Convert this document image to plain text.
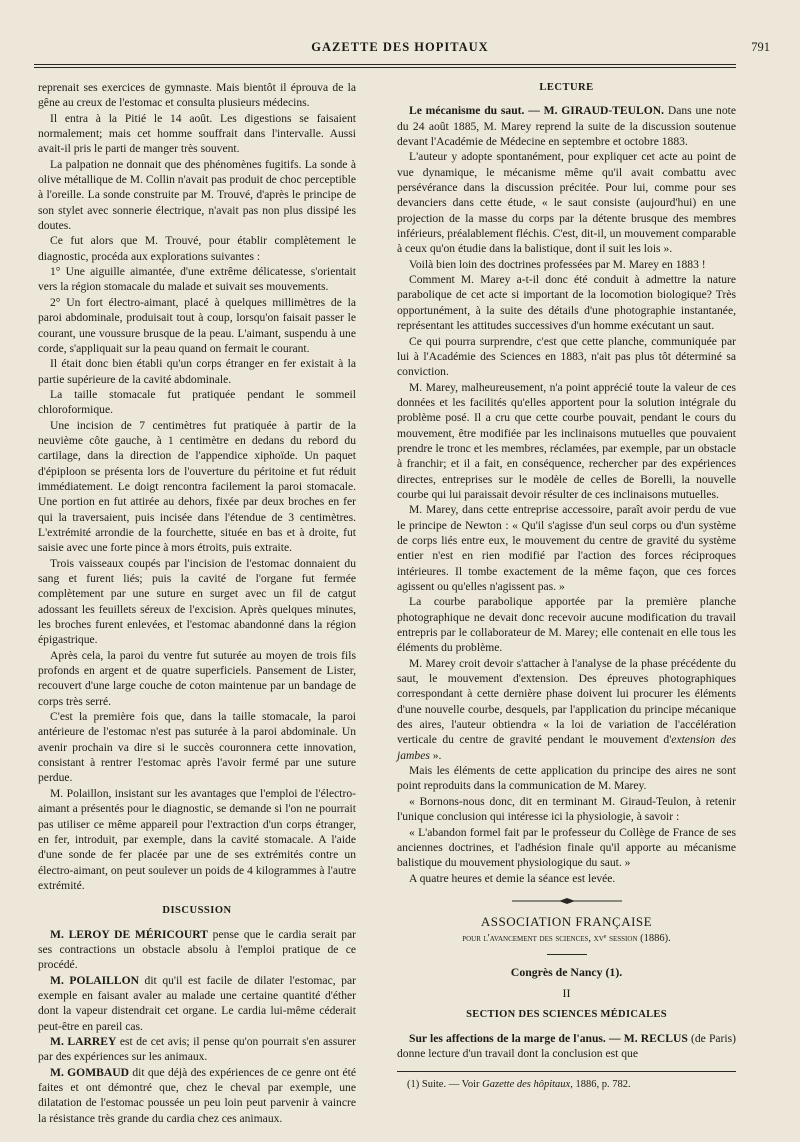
GAZETTE DES HOPITAUX	791

reprenait ses exercices de gymnaste. Mais bientôt il éprouva de la gêne au creux de l'estomac et consulta plusieurs médecins.

Il entra à la Pitié le 14 août. Les digestions se faisaient normalement; mais cet homme souffrait dans l'intervalle. Aussi avait-il pris le parti de manger très souvent.

La palpation ne donnait que des phénomènes fugitifs. La sonde à olive métallique de M. Collin n'avait pas produit de choc perceptible à l'oreille. La sonde construite par M. Trouvé, d'après le principe de son stylet avec sonnerie électrique, n'avait pas non plus dissipé les doutes.

Ce fut alors que M. Trouvé, pour établir complètement le diagnostic, procéda aux explorations suivantes :

1° Une aiguille aimantée, d'une extrême délicatesse, s'orientait vers la région stomacale du malade et suivait ses mouvements.

2° Un fort électro-aimant, placé à quelques millimètres de la paroi abdominale, produisait tout à coup, lorsqu'on faisait passer le courant, une voussure brusque de la peau. L'aimant, suspendu à une corde, s'appliquait sur la peau quand on fermait le courant.

Il était donc bien établi qu'un corps étranger en fer existait à la partie supérieure de la cavité abdominale.

La taille stomacale fut pratiquée pendant le sommeil chloroformique.

Une incision de 7 centimètres fut pratiquée à partir de la neuvième côte gauche, à 1 centimètre en dedans du rebord du cartilage, dans la direction de l'appendice xiphoïde. Un paquet d'épiploon se présenta lors de l'ouverture du péritoine et fut réduit immédiatement. Le doigt rencontra facilement la paroi stomacale. Une portion en fut attirée au dehors, fixée par deux broches en fer qui la traversaient, puis incisée dans l'étendue de 3 centimètres. L'extrémité arrondie de la fourchette, située en bas et à droite, fut saisie avec une forte pince à mors étroits, puis extraite.

Trois vaisseaux coupés par l'incision de l'estomac donnaient du sang et furent liés; puis la cavité de l'organe fut fermée complètement par une suture en surget avec un fil de catgut adossant les feuillets séreux de l'excision. Après quelques minutes, les broches furent enlevées, et l'estomac abandonné dans la région épigastrique.

Après cela, la paroi du ventre fut suturée au moyen de trois fils profonds en argent et de quatre superficiels. Pansement de Lister, recouvert d'une large couche de coton maintenue par un bandage de corps très serré.

C'est la première fois que, dans la taille stomacale, la paroi antérieure de l'estomac n'est pas suturée à la paroi abdominale. Un avenir prochain va dire si le succès couronnera cette innovation, consistant à rentrer l'estomac après l'avoir fermé par une suture perdue.

M. Polaillon, insistant sur les avantages que l'emploi de l'électro-aimant a présentés pour le diagnostic, se demande si l'on ne pourrait pas utiliser ce même appareil pour l'extraction d'un corps étranger, en fer, introduit, par exemple, dans la cavité stomacale. A l'aide d'une sonde de fer placée par une de ses extrémités contre un électro-aimant, on peut soulever un poids de 4 kilogrammes à l'autre extrémité.

DISCUSSION

M. LEROY DE MÉRICOURT pense que le cardia serait par ses contractions un obstacle absolu à l'emploi pratique de ce procédé.

M. POLAILLON dit qu'il est facile de dilater l'estomac, par exemple en faisant avaler au malade une certaine quantité d'éther dont la vapeur distendrait cet organe. Le cardia lui-même céderait peut-être en pareil cas.

M. LARREY est de cet avis; il pense qu'on pourrait s'en assurer par des expériences sur les animaux.

M. GOMBAUD dit que déjà des expériences de ce genre ont été faites et ont démontré que, chez le cheval par exemple, une dilatation de l'estomac poussée un peu loin peut parvenir à vaincre la résistance très grande du cardia chez ces animaux.

LECTURE

Le mécanisme du saut. — M. GIRAUD-TEULON. Dans une note du 24 août 1885, M. Marey reprend la suite de la discussion soutenue devant l'Académie de Médecine en septembre et octobre 1883.

L'auteur y adopte spontanément, pour expliquer cet acte au point de vue dynamique, le mécanisme même qu'il avait combattu avec persévérance dans la discussion précitée. Pour lui, comme pour ses devanciers dans cette étude, « le saut consiste (aujourd'hui) en une projection de la masse du corps par la détente brusque des membres inférieurs, préalablement fléchis. C'est, dit-il, un mouvement comparable à ceux qu'on étudie dans la balistique, dont il suit les lois ».

Voilà bien loin des doctrines professées par M. Marey en 1883 !

Comment M. Marey a-t-il donc été conduit à admettre la nature parabolique de cet acte si important de la locomotion biologique? Très opportunément, à la suite des détails d'une photographie instantanée, représentant les attitudes successives d'un homme exécutant un saut.

Ce qui pourra surprendre, c'est que cette planche, communiquée par lui à l'Académie des Sciences en 1883, n'ait pas plus tôt déterminé sa conviction.

M. Marey, malheureusement, n'a point apprécié toute la valeur de ces données et les facilités qu'elles apportent pour la solution intégrale du problème posé. Il a cru que cette courbe pouvait, pendant le cours du mouvement, être modifiée par les inclinaisons mutuelles que pouvaient prendre le tronc et les membres, réclamées, par exemple, par un obstacle à franchir; et il a fait, en conséquence, rechercher par des expériences directes, entreprises sur le modèle de celles de Borelli, la nouvelle courbe qui lui paraissait devoir résulter de ces inclinaisons mutuelles.

M. Marey, dans cette entreprise accessoire, paraît avoir perdu de vue le principe de Newton : « Qu'il s'agisse d'un seul corps ou d'un système de corps liés entre eux, le mouvement du centre de gravité du système entier n'est en rien modifié par l'action des forces réciproques intérieures. Il tombe exactement de la même façon, que ces forces agissent ou qu'elles n'agissent pas. »

La courbe parabolique apportée par la première planche photographique ne devait donc recevoir aucune modification du travail entrepris par le collaborateur de M. Marey; elle contenait en elle tous les éléments du problème.

M. Marey croit devoir s'attacher à l'analyse de la phase précédente du saut, le mouvement d'extension. Des épreuves photographiques correspondant à cette dernière phase doivent lui procurer les éléments d'une nouvelle courbe, desquels, par l'application du principe mécanique des aires, l'auteur obtiendra « la loi de variation de l'accélération verticale du centre de gravité pendant le mouvement d'extension des jambes ».

Mais les éléments de cette application du principe des aires ne sont point reproduits dans la communication de M. Marey.

« Bornons-nous donc, dit en terminant M. Giraud-Teulon, à retenir l'unique conclusion qui intéresse ici la physiologie, à savoir :

« L'abandon formel fait par le professeur du Collège de France de ses anciennes doctrines, et l'adhésion finale qu'il apporte au mécanisme balistique du mouvement physiologique du saut. »

A quatre heures et demie la séance est levée.

ASSOCIATION FRANÇAISE
pour l'avancement des sciences, xvᵉ session (1886).
Congrès de Nancy (1).
II
SECTION DES SCIENCES MÉDICALES

Sur les affections de la marge de l'anus. — M. RECLUS (de Paris) donne lecture d'un travail dont la conclusion est que

(1) Suite. — Voir Gazette des hôpitaux, 1886, p. 782.
